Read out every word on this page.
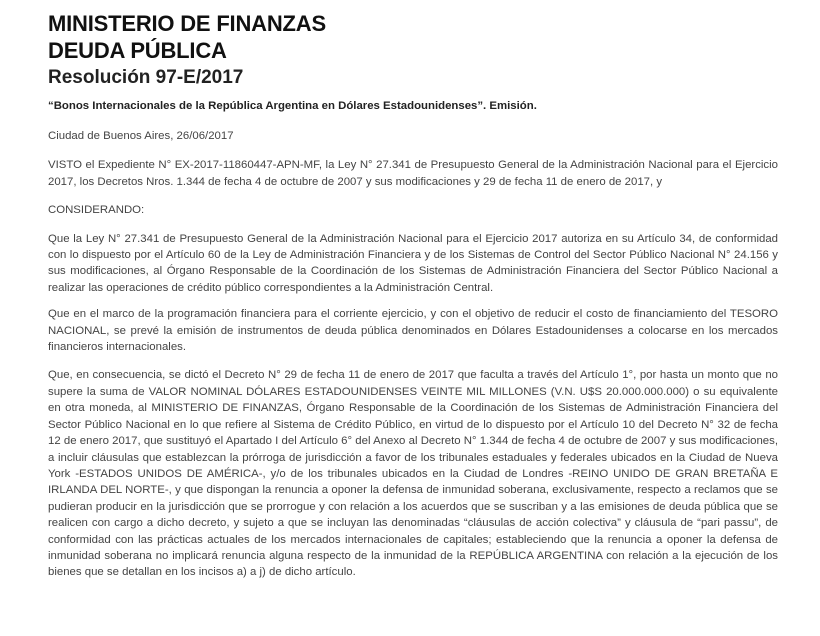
MINISTERIO DE FINANZAS
DEUDA PÚBLICA
Resolución 97-E/2017
“Bonos Internacionales de la República Argentina en Dólares Estadounidenses”. Emisión.

Ciudad de Buenos Aires, 26/06/2017

VISTO el Expediente N° EX-2017-11860447-APN-MF, la Ley N° 27.341 de Presupuesto General de la Administración Nacional para el Ejercicio 2017, los Decretos Nros. 1.344 de fecha 4 de octubre de 2007 y sus modificaciones y 29 de fecha 11 de enero de 2017, y

CONSIDERANDO:

Que la Ley N° 27.341 de Presupuesto General de la Administración Nacional para el Ejercicio 2017 autoriza en su Artículo 34, de conformidad con lo dispuesto por el Artículo 60 de la Ley de Administración Financiera y de los Sistemas de Control del Sector Público Nacional N° 24.156 y sus modificaciones, al Órgano Responsable de la Coordinación de los Sistemas de Administración Financiera del Sector Público Nacional a realizar las operaciones de crédito público correspondientes a la Administración Central.

Que en el marco de la programación financiera para el corriente ejercicio, y con el objetivo de reducir el costo de financiamiento del TESORO NACIONAL, se prevé la emisión de instrumentos de deuda pública denominados en Dólares Estadounidenses a colocarse en los mercados financieros internacionales.

Que, en consecuencia, se dictó el Decreto N° 29 de fecha 11 de enero de 2017 que faculta a través del Artículo 1°, por hasta un monto que no supere la suma de VALOR NOMINAL DÓLARES ESTADOUNIDENSES VEINTE MIL MILLONES (V.N. U$S 20.000.000.000) o su equivalente en otra moneda, al MINISTERIO DE FINANZAS, Órgano Responsable de la Coordinación de los Sistemas de Administración Financiera del Sector Público Nacional en lo que refiere al Sistema de Crédito Público, en virtud de lo dispuesto por el Artículo 10 del Decreto N° 32 de fecha 12 de enero 2017, que sustituyó el Apartado I del Artículo 6° del Anexo al Decreto N° 1.344 de fecha 4 de octubre de 2007 y sus modificaciones, a incluir cláusulas que establezcan la prórroga de jurisdicción a favor de los tribunales estaduales y federales ubicados en la Ciudad de Nueva York -ESTADOS UNIDOS DE AMÉRICA-, y/o de los tribunales ubicados en la Ciudad de Londres -REINO UNIDO DE GRAN BRETAÑA E IRLANDA DEL NORTE-, y que dispongan la renuncia a oponer la defensa de inmunidad soberana, exclusivamente, respecto a reclamos que se pudieran producir en la jurisdicción que se prorrogue y con relación a los acuerdos que se suscriban y a las emisiones de deuda pública que se realicen con cargo a dicho decreto, y sujeto a que se incluyan las denominadas “cláusulas de acción colectiva” y cláusula de “pari passu”, de conformidad con las prácticas actuales de los mercados internacionales de capitales; estableciendo que la renuncia a oponer la defensa de inmunidad soberana no implicará renuncia alguna respecto de la inmunidad de la REPÚBLICA ARGENTINA con relación a la ejecución de los bienes que se detallan en los incisos a) a j) de dicho artículo.
